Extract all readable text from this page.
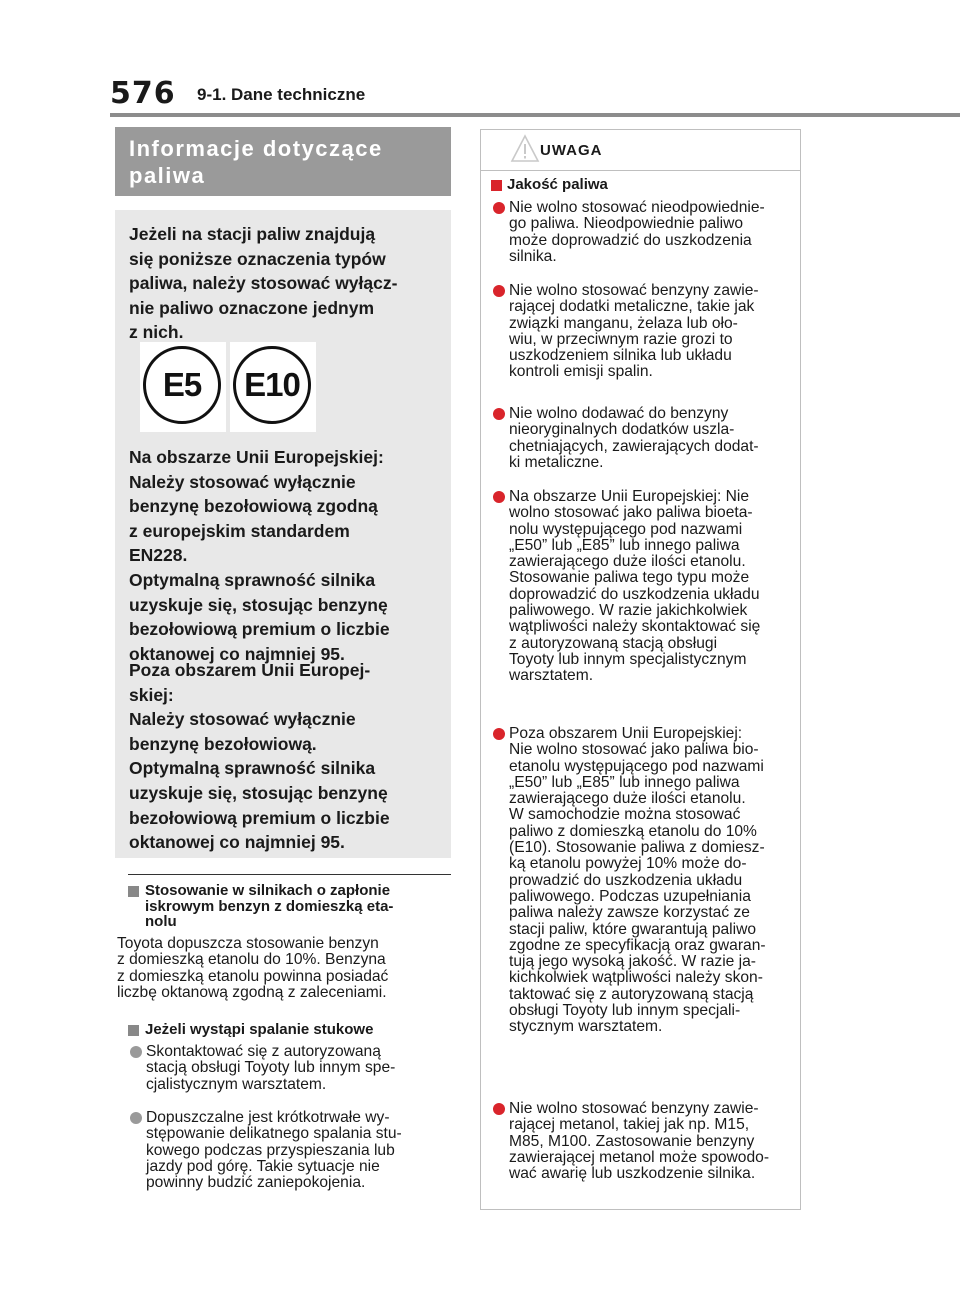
576 9-1. Dane techniczne
Informacje dotyczące paliwa
Jeżeli na stacji paliw znajdują
się poniższe oznaczenia typów
paliwa, należy stosować wyłącz-
nie paliwo oznaczone jednym
z nich.
E5	E10
Na obszarze Unii Europejskiej:
Należy stosować wyłącznie
benzynę bezołowiową zgodną
z europejskim standardem
EN228.
Optymalną sprawność silnika
uzyskuje się, stosując benzynę
bezołowiową premium o liczbie
oktanowej co najmniej 95.
Poza obszarem Unii Europej-
skiej:
Należy stosować wyłącznie
benzynę bezołowiową.
Optymalną sprawność silnika
uzyskuje się, stosując benzynę
bezołowiową premium o liczbie
oktanowej co najmniej 95.
Stosowanie w silnikach o zapłonie
iskrowym benzyn z domieszką eta-
nolu
Toyota dopuszcza stosowanie benzyn
z domieszką etanolu do 10%. Benzyna
z domieszką etanolu powinna posiadać
liczbę oktanową zgodną z zaleceniami.
Jeżeli wystąpi spalanie stukowe
Skontaktować się z autoryzowaną
stacją obsługi Toyoty lub innym spe-
cjalistycznym warsztatem.
Dopuszczalne jest krótkotrwałe wy-
stępowanie delikatnego spalania stu-
kowego podczas przyspieszania lub
jazdy pod górę. Takie sytuacje nie
powinny budzić zaniepokojenia.
UWAGA
Jakość paliwa
Nie wolno stosować nieodpowiednie-
go paliwa. Nieodpowiednie paliwo
może doprowadzić do uszkodzenia
silnika.
Nie wolno stosować benzyny zawie-
rającej dodatki metaliczne, takie jak
związki manganu, żelaza lub oło-
wiu, w przeciwnym razie grozi to
uszkodzeniem silnika lub układu
kontroli emisji spalin.
Nie wolno dodawać do benzyny
nieoryginalnych dodatków uszla-
chetniających, zawierających dodat-
ki metaliczne.
Na obszarze Unii Europejskiej: Nie
wolno stosować jako paliwa bioeta-
nolu występującego pod nazwami
„E50” lub „E85” lub innego paliwa
zawierającego duże ilości etanolu.
Stosowanie paliwa tego typu może
doprowadzić do uszkodzenia układu
paliwowego. W razie jakichkolwiek
wątpliwości należy skontaktować się
z autoryzowaną stacją obsługi
Toyoty lub innym specjalistycznym
warsztatem.
Poza obszarem Unii Europejskiej:
Nie wolno stosować jako paliwa bio-
etanolu występującego pod nazwami
„E50” lub „E85” lub innego paliwa
zawierającego duże ilości etanolu.
W samochodzie można stosować
paliwo z domieszką etanolu do 10%
(E10). Stosowanie paliwa z domiesz-
ką etanolu powyżej 10% może do-
prowadzić do uszkodzenia układu
paliwowego. Podczas uzupełniania
paliwa należy zawsze korzystać ze
stacji paliw, które gwarantują paliwo
zgodne ze specyfikacją oraz gwaran-
tują jego wysoką jakość. W razie ja-
kichkolwiek wątpliwości należy skon-
taktować się z autoryzowaną stacją
obsługi Toyoty lub innym specjali-
stycznym warsztatem.
Nie wolno stosować benzyny zawie-
rającej metanol, takiej jak np. M15,
M85, M100. Zastosowanie benzyny
zawierającej metanol może spowodo-
wać awarię lub uszkodzenie silnika.
